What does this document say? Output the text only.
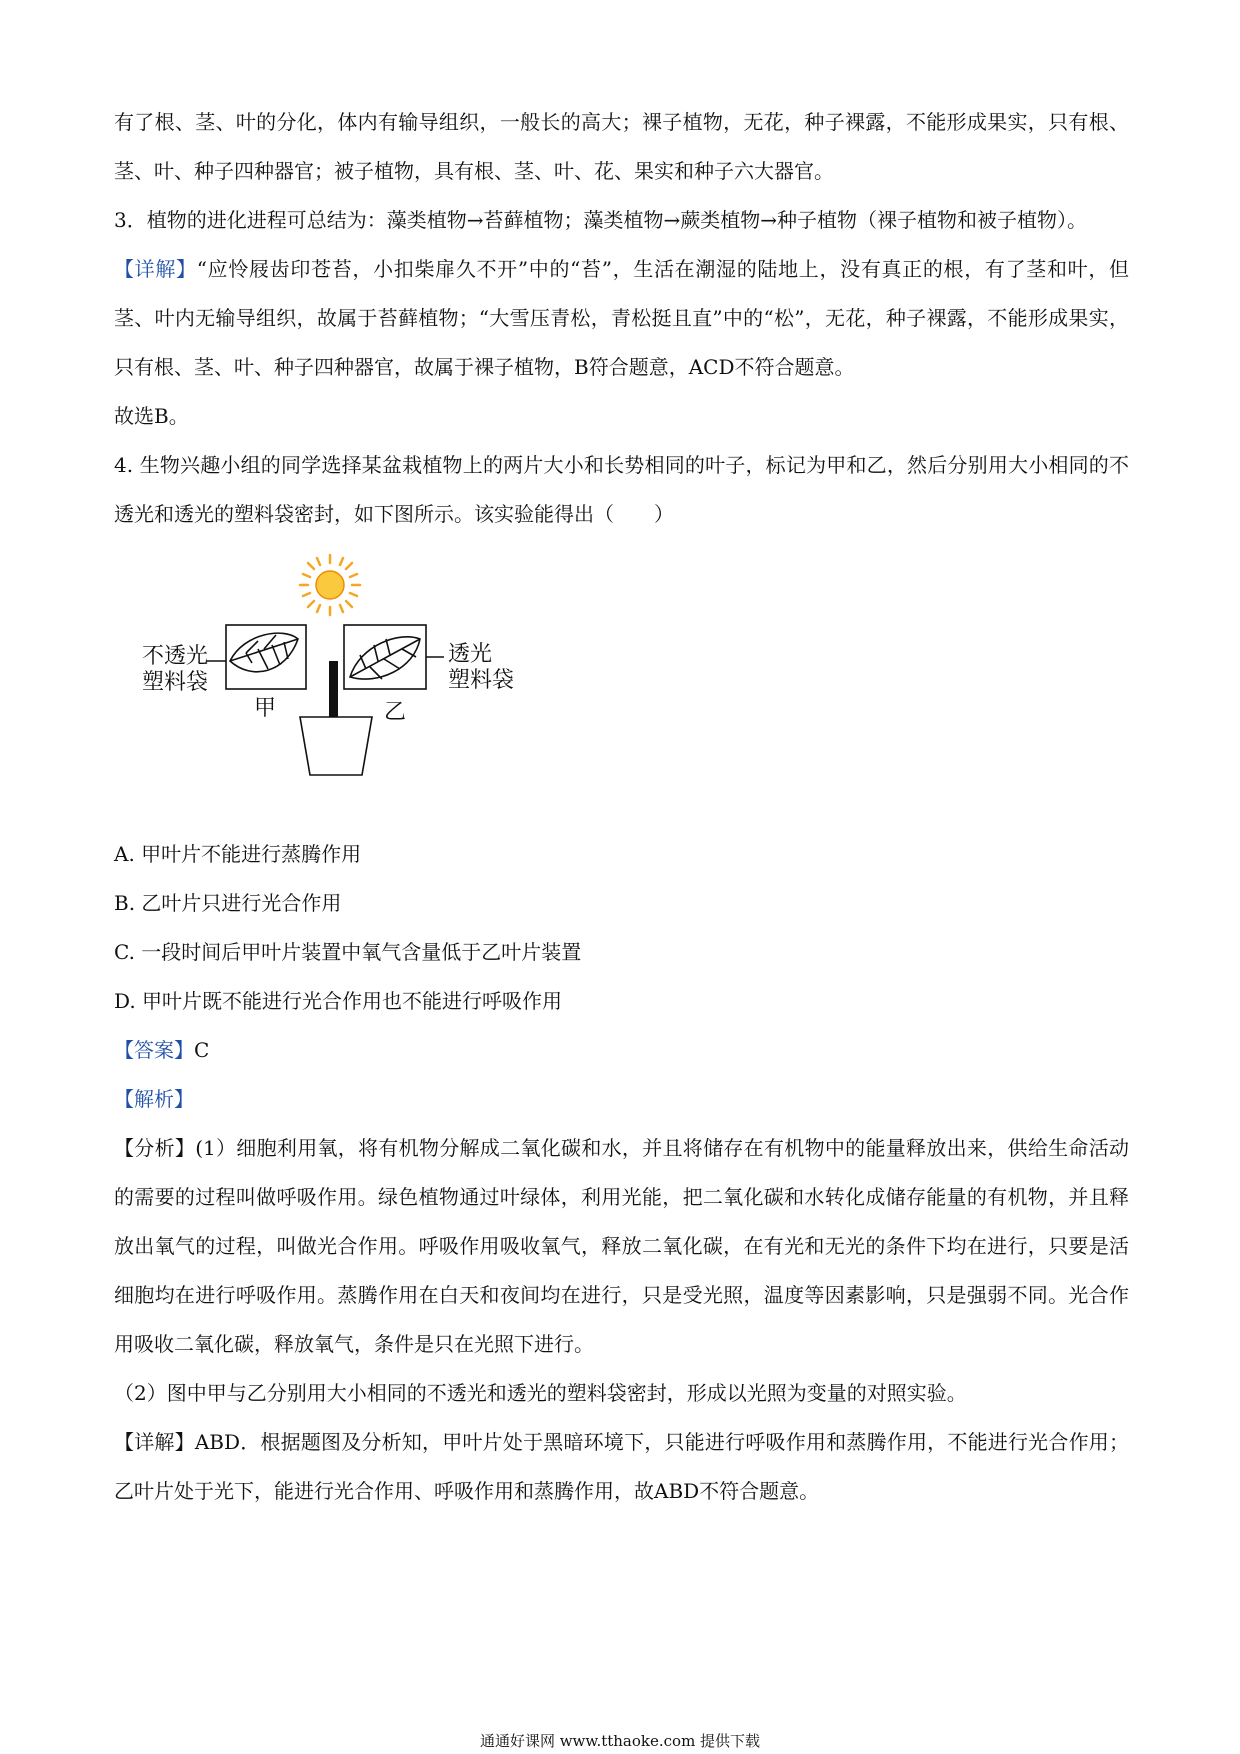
有了根、茎、叶的分化，体内有输导组织，一般长的高大；裸子植物，无花，种子裸露，不能形成果实，只有根、茎、叶、种子四种器官；被子植物，具有根、茎、叶、花、果实和种子六大器官。

3．植物的进化进程可总结为：藻类植物→苔藓植物；藻类植物→蕨类植物→种子植物（裸子植物和被子植物）。

【详解】“应怜屐齿印苍苔，小扣柴扉久不开”中的“苔”，生活在潮湿的陆地上，没有真正的根，有了茎和叶，但茎、叶内无输导组织，故属于苔藓植物；“大雪压青松，青松挺且直”中的“松”，无花，种子裸露，不能形成果实，只有根、茎、叶、种子四种器官，故属于裸子植物，B符合题意，ACD不符合题意。

故选B。

4. 生物兴趣小组的同学选择某盆栽植物上的两片大小和长势相同的叶子，标记为甲和乙，然后分别用大小相同的不透光和透光的塑料袋密封，如下图所示。该实验能得出（　　）

不透光
塑料袋
透光
塑料袋
甲	乙

A. 甲叶片不能进行蒸腾作用

B. 乙叶片只进行光合作用

C. 一段时间后甲叶片装置中氧气含量低于乙叶片装置

D. 甲叶片既不能进行光合作用也不能进行呼吸作用

【答案】C

【解析】

【分析】(1）细胞利用氧，将有机物分解成二氧化碳和水，并且将储存在有机物中的能量释放出来，供给生命活动的需要的过程叫做呼吸作用。绿色植物通过叶绿体，利用光能，把二氧化碳和水转化成储存能量的有机物，并且释放出氧气的过程，叫做光合作用。呼吸作用吸收氧气，释放二氧化碳，在有光和无光的条件下均在进行，只要是活细胞均在进行呼吸作用。蒸腾作用在白天和夜间均在进行，只是受光照，温度等因素影响，只是强弱不同。光合作用吸收二氧化碳，释放氧气，条件是只在光照下进行。

（2）图中甲与乙分别用大小相同的不透光和透光的塑料袋密封，形成以光照为变量的对照实验。

【详解】ABD．根据题图及分析知，甲叶片处于黑暗环境下，只能进行呼吸作用和蒸腾作用，不能进行光合作用；乙叶片处于光下，能进行光合作用、呼吸作用和蒸腾作用，故ABD不符合题意。

通通好课网 www.tthaoke.com 提供下载
